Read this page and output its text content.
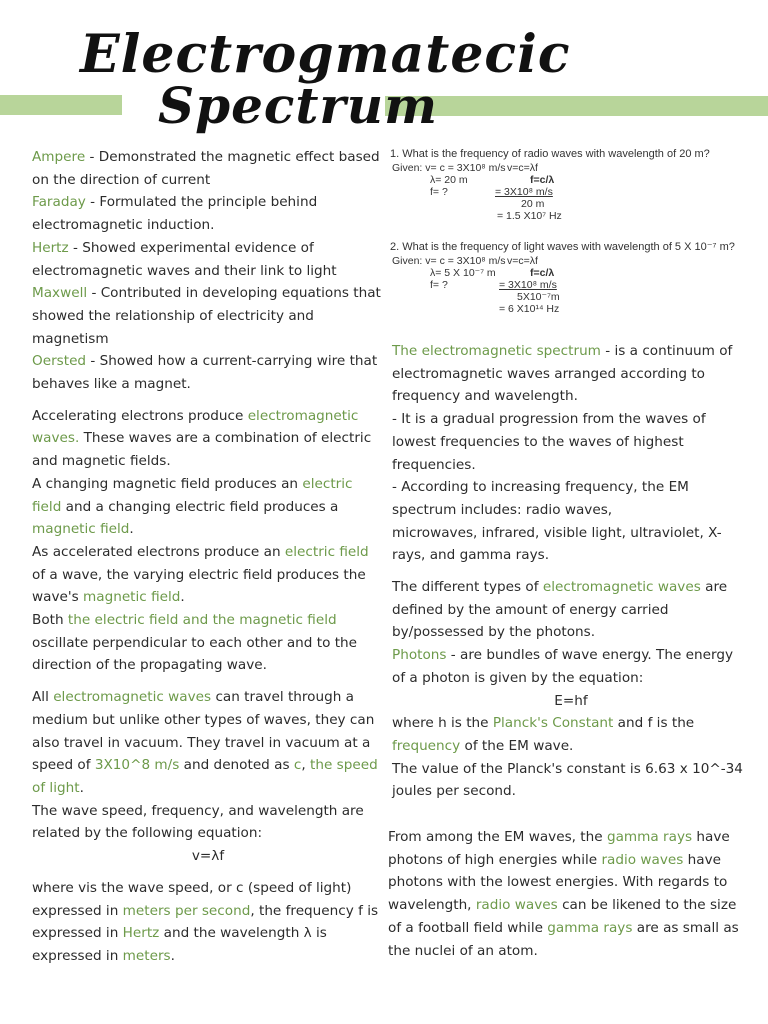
Electrogmatecic
Spectrum

Ampere - Demonstrated the magnetic effect based on the direction of current

Faraday - Formulated the principle behind electromagnetic induction.

Hertz - Showed experimental evidence of electromagnetic waves and their link to light

Maxwell - Contributed in developing equations that showed the relationship of electricity and magnetism

Oersted - Showed how a current-carrying wire that behaves like a magnet.

Accelerating electrons produce electromagnetic waves. These waves are a combination of electric and magnetic fields.

A changing magnetic field produces an electric field and a changing electric field produces a magnetic field.

As accelerated electrons produce an electric field of a wave, the varying electric field produces the wave's magnetic field.

Both the electric field and the magnetic field oscillate perpendicular to each other and to the direction of the propagating wave.

All electromagnetic waves can travel through a medium but unlike other types of waves, they can also travel in vacuum. They travel in vacuum at a speed of 3X10^8 m/s and denoted as c, the speed of light.

The wave speed, frequency, and wavelength are related by the following equation:

v=λf

where vis the wave speed, or c (speed of light) expressed in meters per second, the frequency f is expressed in Hertz and the wavelength λ is expressed in meters.

1. What is the frequency of radio waves with wavelength of 20 m?
Given: v= c = 3X10⁸ m/s v=c=λf
λ= 20 m	f=c/λ
f= ?	= 3X10⁸ m/s
20 m
= 1.5 X10⁷ Hz
2. What is the frequency of light waves with wavelength of 5 X 10⁻⁷ m?
Given: v= c = 3X10⁸ m/s v=c=λf
λ= 5 X 10⁻⁷ m	f=c/λ
f= ?	= 3X10⁸ m/s
5X10⁻⁷m
= 6 X10¹⁴ Hz

The electromagnetic spectrum - is a continuum of electromagnetic waves arranged according to frequency and wavelength.

- It is a gradual progression from the waves of lowest frequencies to the waves of highest frequencies.

- According to increasing frequency, the EM spectrum includes: radio waves,

microwaves, infrared, visible light, ultraviolet, X-rays, and gamma rays.

The different types of electromagnetic waves are defined by the amount of energy carried by/possessed by the photons.

Photons - are bundles of wave energy. The energy of a photon is given by the equation:

E=hf

where h is the Planck's Constant and f is the frequency of the EM wave.

The value of the Planck's constant is 6.63 x 10^-34 joules per second.

From among the EM waves, the gamma rays have photons of high energies while radio waves have photons with the lowest energies. With regards to wavelength, radio waves can be likened to the size of a football field while gamma rays are as small as the nuclei of an atom.
